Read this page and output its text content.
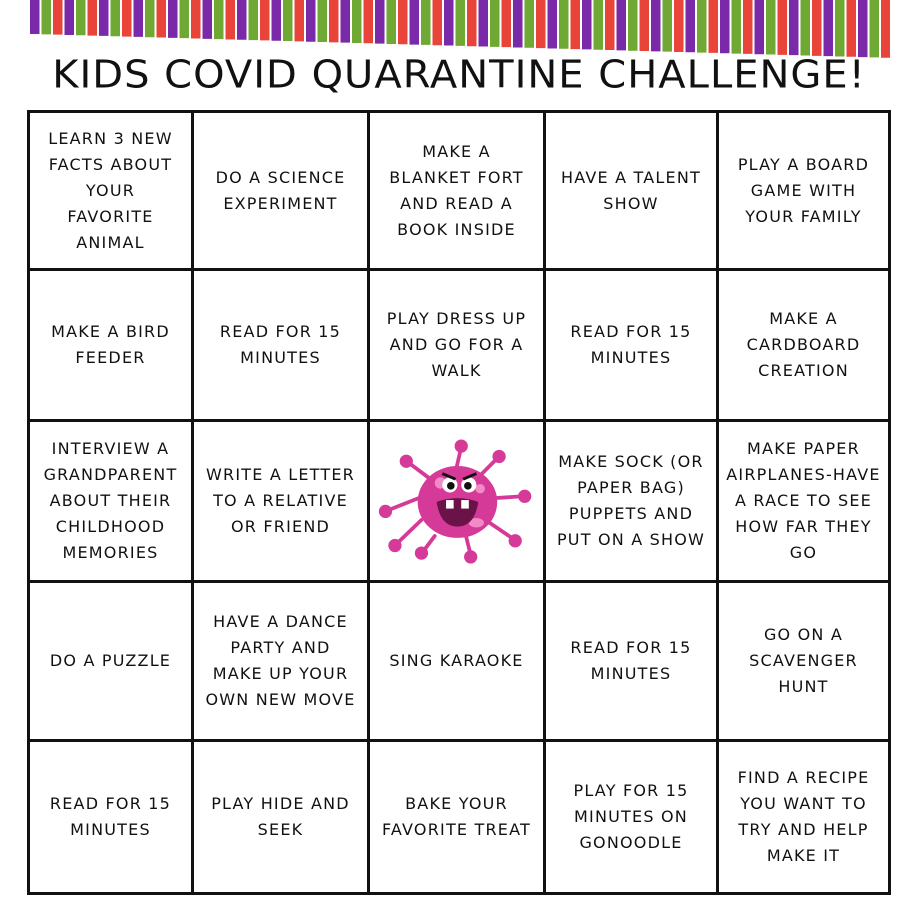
KIDS COVID QUARANTINE CHALLENGE!
LEARN 3 NEW
FACTS ABOUT
YOUR
FAVORITE
ANIMAL
DO A SCIENCE
EXPERIMENT
MAKE A
BLANKET FORT
AND READ A
BOOK INSIDE
HAVE A TALENT
SHOW
PLAY A BOARD
GAME WITH
YOUR FAMILY
MAKE A BIRD
FEEDER
READ FOR 15
MINUTES
PLAY DRESS UP
AND GO FOR A
WALK
READ FOR 15
MINUTES
MAKE A
CARDBOARD
CREATION
INTERVIEW A
GRANDPARENT
ABOUT THEIR
CHILDHOOD
MEMORIES
WRITE A LETTER
TO A RELATIVE
OR FRIEND
MAKE SOCK (OR
PAPER BAG)
PUPPETS AND
PUT ON A SHOW
MAKE PAPER
AIRPLANES-HAVE
A RACE TO SEE
HOW FAR THEY
GO
DO A PUZZLE
HAVE A DANCE
PARTY AND
MAKE UP YOUR
OWN NEW MOVE
SING KARAOKE
READ FOR 15
MINUTES
GO ON A
SCAVENGER
HUNT
READ FOR 15
MINUTES
PLAY HIDE AND
SEEK
BAKE YOUR
FAVORITE TREAT
PLAY FOR 15
MINUTES ON
GONOODLE
FIND A RECIPE
YOU WANT TO
TRY AND HELP
MAKE IT
